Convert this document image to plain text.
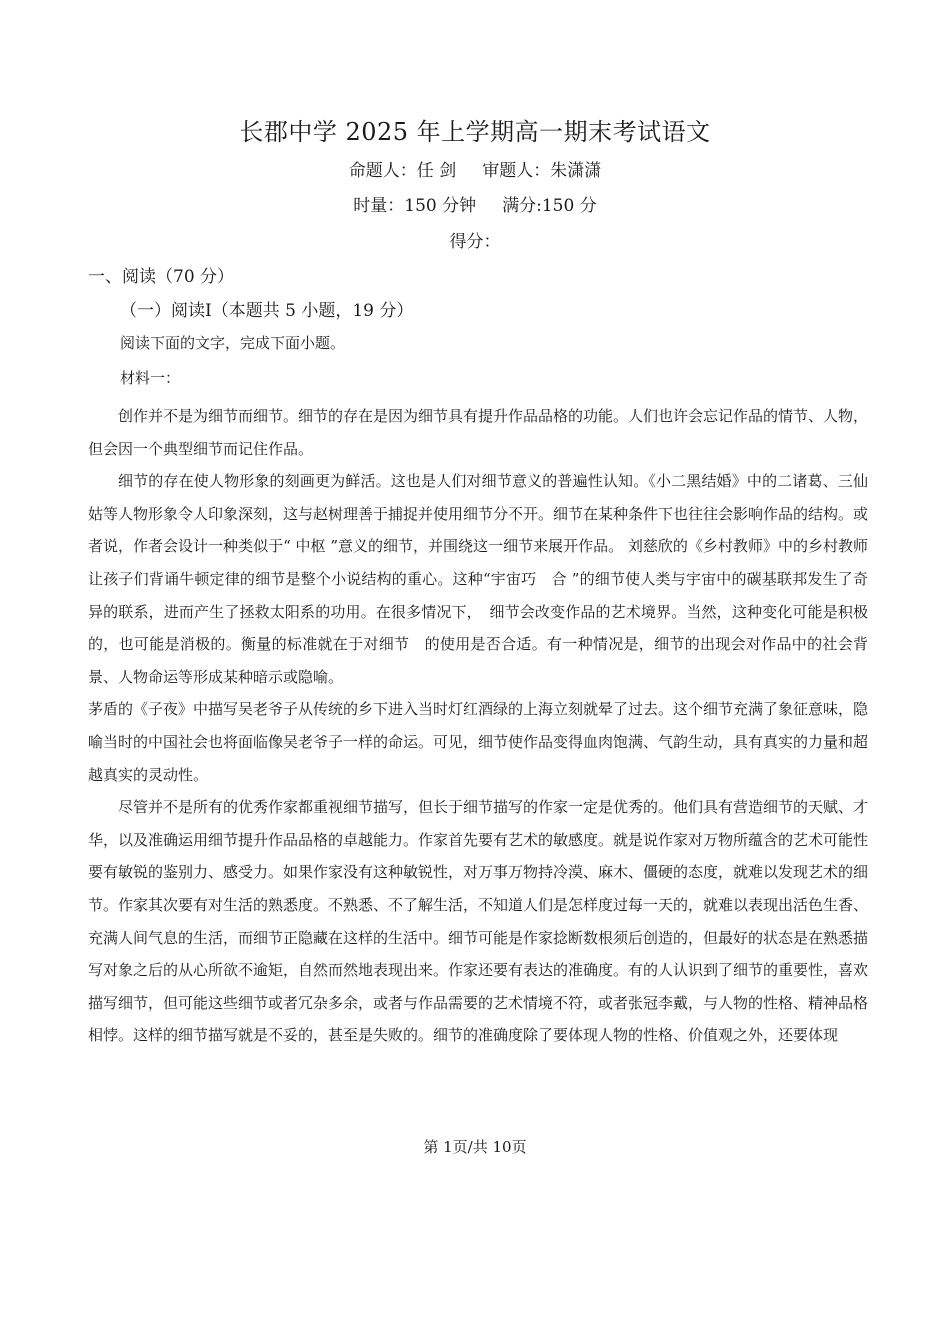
长郡中学 2025 年上学期高一期末考试语文
命题人：任 剑 审题人：朱潇潇
时量：150 分钟 满分:150 分
得分：
一、阅读（70 分）
（一）阅读Ⅰ（本题共 5 小题，19 分）
阅读下面的文字，完成下面小题。
材料一：

创作并不是为细节而细节。细节的存在是因为细节具有提升作品品格的功能。人们也许会忘记作品的情节、人物，但会因一个典型细节而记住作品。

细节的存在使人物形象的刻画更为鲜活。这也是人们对细节意义的普遍性认知。《小二黑结婚》中的二诸葛、三仙姑等人物形象令人印象深刻，这与赵树理善于捕捉并使用细节分不开。细节在某种条件下也往往会影响作品的结构。或者说，作者会设计一种类似于“ 中枢 ”意义的细节，并围绕这一细节来展开作品。 刘慈欣的《乡村教师》中的乡村教师让孩子们背诵牛顿定律的细节是整个小说结构的重心。这种“宇宙巧　合 ”的细节使人类与宇宙中的碳基联邦发生了奇异的联系，进而产生了拯救太阳系的功用。在很多情况下，　细节会改变作品的艺术境界。当然，这种变化可能是积极的，也可能是消极的。衡量的标准就在于对细节　的使用是否合适。有一种情况是，细节的出现会对作品中的社会背景、人物命运等形成某种暗示或隐喻。

茅盾的《子夜》中描写吴老爷子从传统的乡下进入当时灯红酒绿的上海立刻就晕了过去。这个细节充满了象征意味，隐喻当时的中国社会也将面临像吴老爷子一样的命运。可见，细节使作品变得血肉饱满、气韵生动，具有真实的力量和超越真实的灵动性。

尽管并不是所有的优秀作家都重视细节描写，但长于细节描写的作家一定是优秀的。他们具有营造细节的天赋、才华，以及准确运用细节提升作品品格的卓越能力。作家首先要有艺术的敏感度。就是说作家对万物所蕴含的艺术可能性要有敏锐的鉴别力、感受力。如果作家没有这种敏锐性，对万事万物持冷漠、麻木、僵硬的态度，就难以发现艺术的细节。作家其次要有对生活的熟悉度。不熟悉、不了解生活，不知道人们是怎样度过每一天的，就难以表现出活色生香、充满人间气息的生活，而细节正隐藏在这样的生活中。细节可能是作家捻断数根须后创造的，但最好的状态是在熟悉描写对象之后的从心所欲不逾矩，自然而然地表现出来。作家还要有表达的准确度。有的人认识到了细节的重要性，喜欢描写细节，但可能这些细节或者冗杂多余，或者与作品需要的艺术情境不符，或者张冠李戴，与人物的性格、精神品格相悖。这样的细节描写就是不妥的，甚至是失败的。细节的准确度除了要体现人物的性格、价值观之外，还要体现

第 1页/共 10页
